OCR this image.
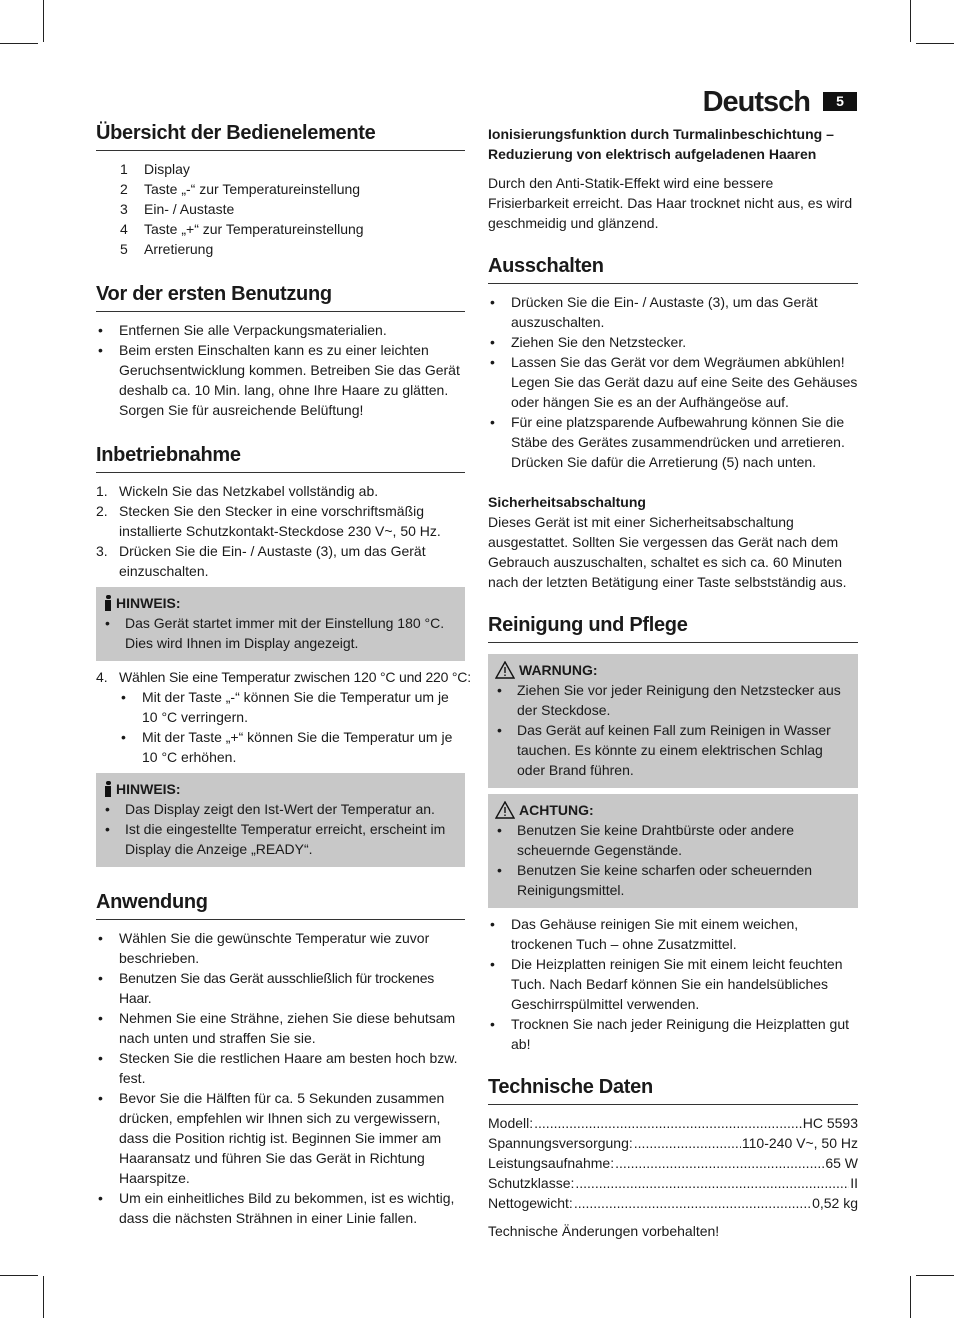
Deutsch	5
Übersicht der Bedienelemente
1	Display
2	Taste „-“ zur Temperatureinstellung
3	Ein- / Austaste
4	Taste „+“ zur Temperatureinstellung
5	Arretierung
Vor der ersten Benutzung
• Entfernen Sie alle Verpackungsmaterialien.
• Beim ersten Einschalten kann es zu einer leichten Geruchsentwicklung kommen. Betreiben Sie das Gerät deshalb ca. 10 Min. lang, ohne Ihre Haare zu glätten. Sorgen Sie für ausreichende Belüftung!
Inbetriebnahme
1. Wickeln Sie das Netzkabel vollständig ab.
2. Stecken Sie den Stecker in eine vorschriftsmäßig installierte Schutzkontakt-Steckdose 230 V~, 50 Hz.
3. Drücken Sie die Ein- / Austaste (3), um das Gerät einzuschalten.
HINWEIS:
• Das Gerät startet immer mit der Einstellung 180 °C. Dies wird Ihnen im Display angezeigt.
4. Wählen Sie eine Temperatur zwischen 120 °C und 220 °C:
• Mit der Taste „-“ können Sie die Temperatur um je 10 °C verringern.
• Mit der Taste „+“ können Sie die Temperatur um je 10 °C erhöhen.
HINWEIS:
• Das Display zeigt den Ist-Wert der Temperatur an.
• Ist die eingestellte Temperatur erreicht, erscheint im Display die Anzeige „READY“.
Anwendung
• Wählen Sie die gewünschte Temperatur wie zuvor beschrieben.
• Benutzen Sie das Gerät ausschließlich für trockenes Haar.
• Nehmen Sie eine Strähne, ziehen Sie diese behutsam nach unten und straffen Sie sie.
• Stecken Sie die restlichen Haare am besten hoch bzw. fest.
• Bevor Sie die Hälften für ca. 5 Sekunden zusammen drücken, empfehlen wir Ihnen sich zu vergewissern, dass die Position richtig ist. Beginnen Sie immer am Haaransatz und führen Sie das Gerät in Richtung Haarspitze.
• Um ein einheitliches Bild zu bekommen, ist es wichtig, dass die nächsten Strähnen in einer Linie fallen.
Ionisierungsfunktion durch Turmalinbeschichtung – Reduzierung von elektrisch aufgeladenen Haaren

Durch den Anti-Statik-Effekt wird eine bessere Frisierbarkeit erreicht. Das Haar trocknet nicht aus, es wird geschmeidig und glänzend.

Ausschalten
• Drücken Sie die Ein- / Austaste (3), um das Gerät auszuschalten.
• Ziehen Sie den Netzstecker.
• Lassen Sie das Gerät vor dem Wegräumen abkühlen! Legen Sie das Gerät dazu auf eine Seite des Gehäuses oder hängen Sie es an der Aufhängeöse auf.
• Für eine platzsparende Aufbewahrung können Sie die Stäbe des Gerätes zusammendrücken und arretieren. Drücken Sie dafür die Arretierung (5) nach unten.
Sicherheitsabschaltung

Dieses Gerät ist mit einer Sicherheitsabschaltung ausgestattet. Sollten Sie vergessen das Gerät nach dem Gebrauch auszuschalten, schaltet es sich ca. 60 Minuten nach der letzten Betätigung einer Taste selbstständig aus.

Reinigung und Pflege
WARNUNG:
• Ziehen Sie vor jeder Reinigung den Netzstecker aus der Steckdose.
• Das Gerät auf keinen Fall zum Reinigen in Wasser tauchen. Es könnte zu einem elektrischen Schlag oder Brand führen.
ACHTUNG:
• Benutzen Sie keine Drahtbürste oder andere scheuernde Gegenstände.
• Benutzen Sie keine scharfen oder scheuernden Reinigungsmittel.
• Das Gehäuse reinigen Sie mit einem weichen, trockenen Tuch – ohne Zusatzmittel.
• Die Heizplatten reinigen Sie mit einem leicht feuchten Tuch. Nach Bedarf können Sie ein handelsübliches Geschirrspülmittel verwenden.
• Trocknen Sie nach jeder Reinigung die Heizplatten gut ab!
Technische Daten
Modell: .....	HC 5593
Spannungsversorgung: .....	110-240 V~, 50 Hz
Leistungsaufnahme: .....	65 W
Schutzklasse: .....	II
Nettogewicht: .....	0,52 kg

Technische Änderungen vorbehalten!
